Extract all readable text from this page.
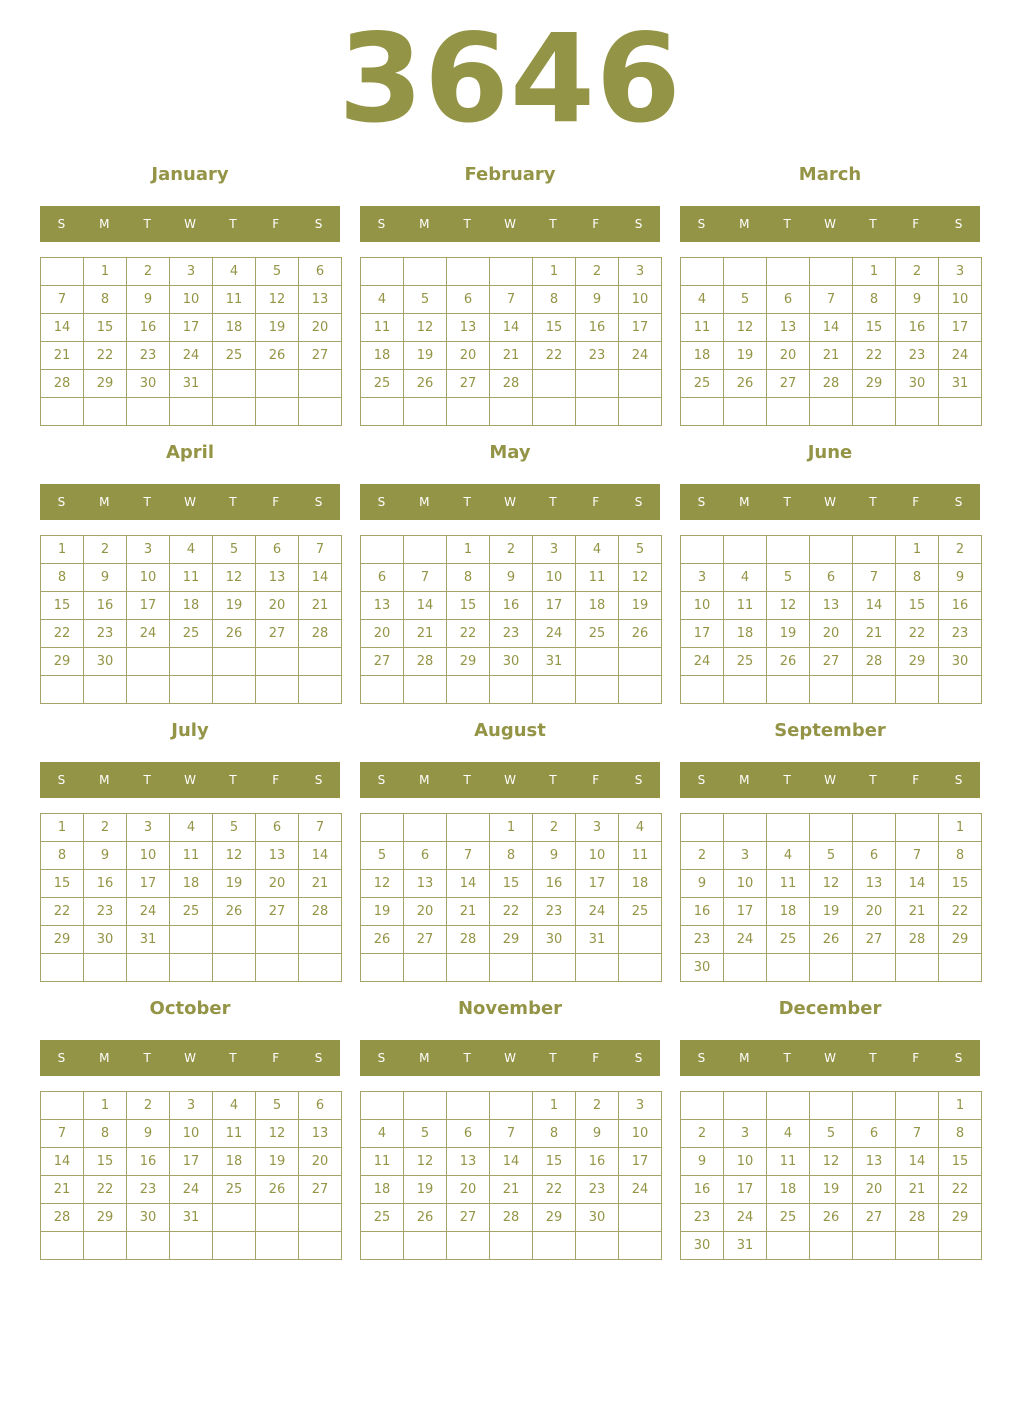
3646
January
S	M	T	W	T	F	S
	1	2	3	4	5	6
7	8	9	10	11	12	13
14	15	16	17	18	19	20
21	22	23	24	25	26	27
28	29	30	31			

February
S	M	T	W	T	F	S
				1	2	3
4	5	6	7	8	9	10
11	12	13	14	15	16	17
18	19	20	21	22	23	24
25	26	27	28			

March
S	M	T	W	T	F	S
				1	2	3
4	5	6	7	8	9	10
11	12	13	14	15	16	17
18	19	20	21	22	23	24
25	26	27	28	29	30	31

April
S	M	T	W	T	F	S
1	2	3	4	5	6	7
8	9	10	11	12	13	14
15	16	17	18	19	20	21
22	23	24	25	26	27	28
29	30					

May
S	M	T	W	T	F	S
		1	2	3	4	5
6	7	8	9	10	11	12
13	14	15	16	17	18	19
20	21	22	23	24	25	26
27	28	29	30	31		

June
S	M	T	W	T	F	S
					1	2
3	4	5	6	7	8	9
10	11	12	13	14	15	16
17	18	19	20	21	22	23
24	25	26	27	28	29	30

July
S	M	T	W	T	F	S
1	2	3	4	5	6	7
8	9	10	11	12	13	14
15	16	17	18	19	20	21
22	23	24	25	26	27	28
29	30	31				

August
S	M	T	W	T	F	S
			1	2	3	4
5	6	7	8	9	10	11
12	13	14	15	16	17	18
19	20	21	22	23	24	25
26	27	28	29	30	31	

September
S	M	T	W	T	F	S
						1
2	3	4	5	6	7	8
9	10	11	12	13	14	15
16	17	18	19	20	21	22
23	24	25	26	27	28	29
30						
October
S	M	T	W	T	F	S
	1	2	3	4	5	6
7	8	9	10	11	12	13
14	15	16	17	18	19	20
21	22	23	24	25	26	27
28	29	30	31			

November
S	M	T	W	T	F	S
				1	2	3
4	5	6	7	8	9	10
11	12	13	14	15	16	17
18	19	20	21	22	23	24
25	26	27	28	29	30	

December
S	M	T	W	T	F	S
						1
2	3	4	5	6	7	8
9	10	11	12	13	14	15
16	17	18	19	20	21	22
23	24	25	26	27	28	29
30	31					
